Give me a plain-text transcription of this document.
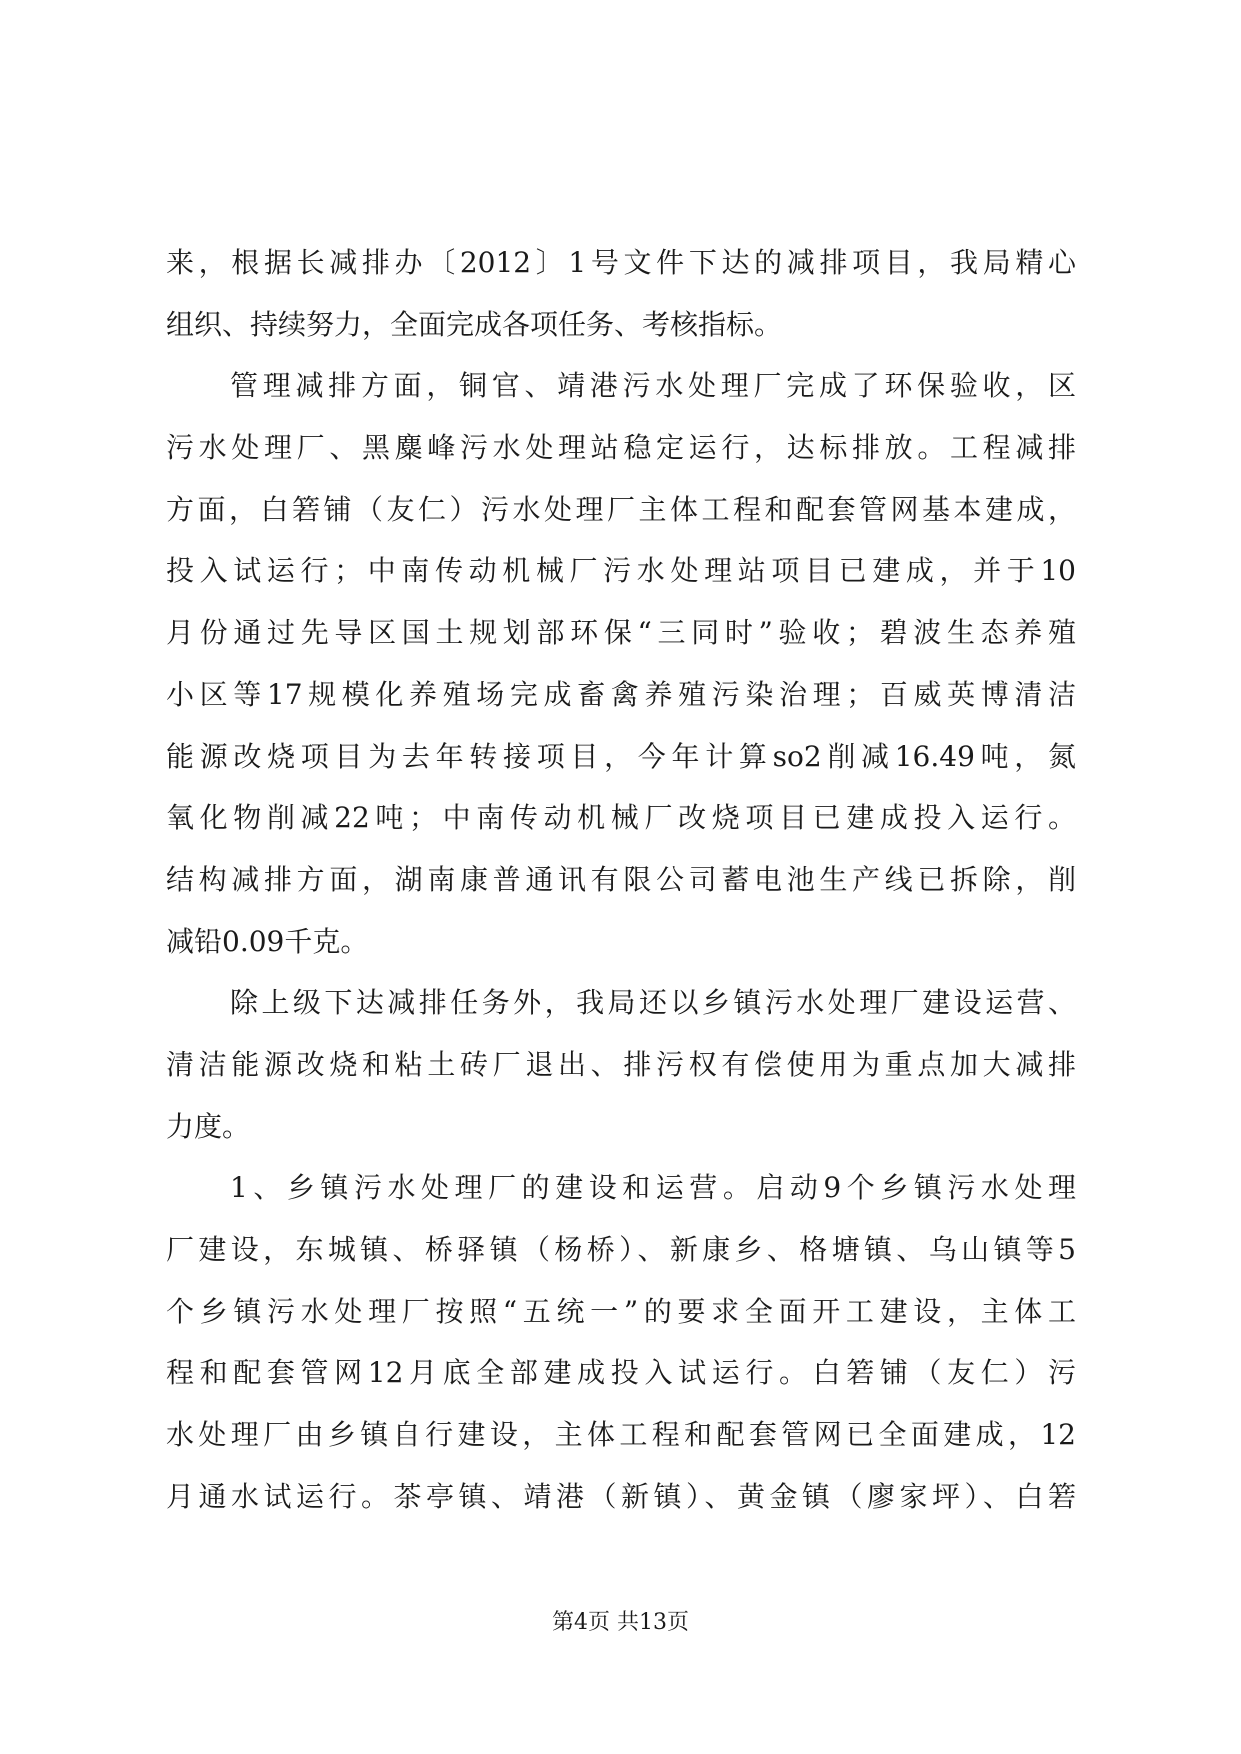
来，根据长减排办〔2012〕1号文件下达的减排项目，我局精心
组织、持续努力，全面完成各项任务、考核指标。
管理减排方面，铜官、靖港污水处理厂完成了环保验收，区
污水处理厂、黑麋峰污水处理站稳定运行，达标排放。工程减排
方面，白箬铺（友仁）污水处理厂主体工程和配套管网基本建成，
投入试运行；中南传动机械厂污水处理站项目已建成，并于10
月份通过先导区国土规划部环保“三同时”验收；碧波生态养殖
小区等17规模化养殖场完成畜禽养殖污染治理；百威英博清洁
能源改烧项目为去年转接项目，今年计算so2削减16.49吨，氮
氧化物削减22吨；中南传动机械厂改烧项目已建成投入运行。
结构减排方面，湖南康普通讯有限公司蓄电池生产线已拆除，削
减铅0.09千克。
除上级下达减排任务外，我局还以乡镇污水处理厂建设运营、
清洁能源改烧和粘土砖厂退出、排污权有偿使用为重点加大减排
力度。
1、乡镇污水处理厂的建设和运营。启动9个乡镇污水处理
厂建设，东城镇、桥驿镇（杨桥）、新康乡、格塘镇、乌山镇等5
个乡镇污水处理厂按照“五统一”的要求全面开工建设，主体工
程和配套管网12月底全部建成投入试运行。白箬铺（友仁）污
水处理厂由乡镇自行建设，主体工程和配套管网已全面建成，12
月通水试运行。茶亭镇、靖港（新镇）、黄金镇（廖家坪）、白箬
第4页 共13页
